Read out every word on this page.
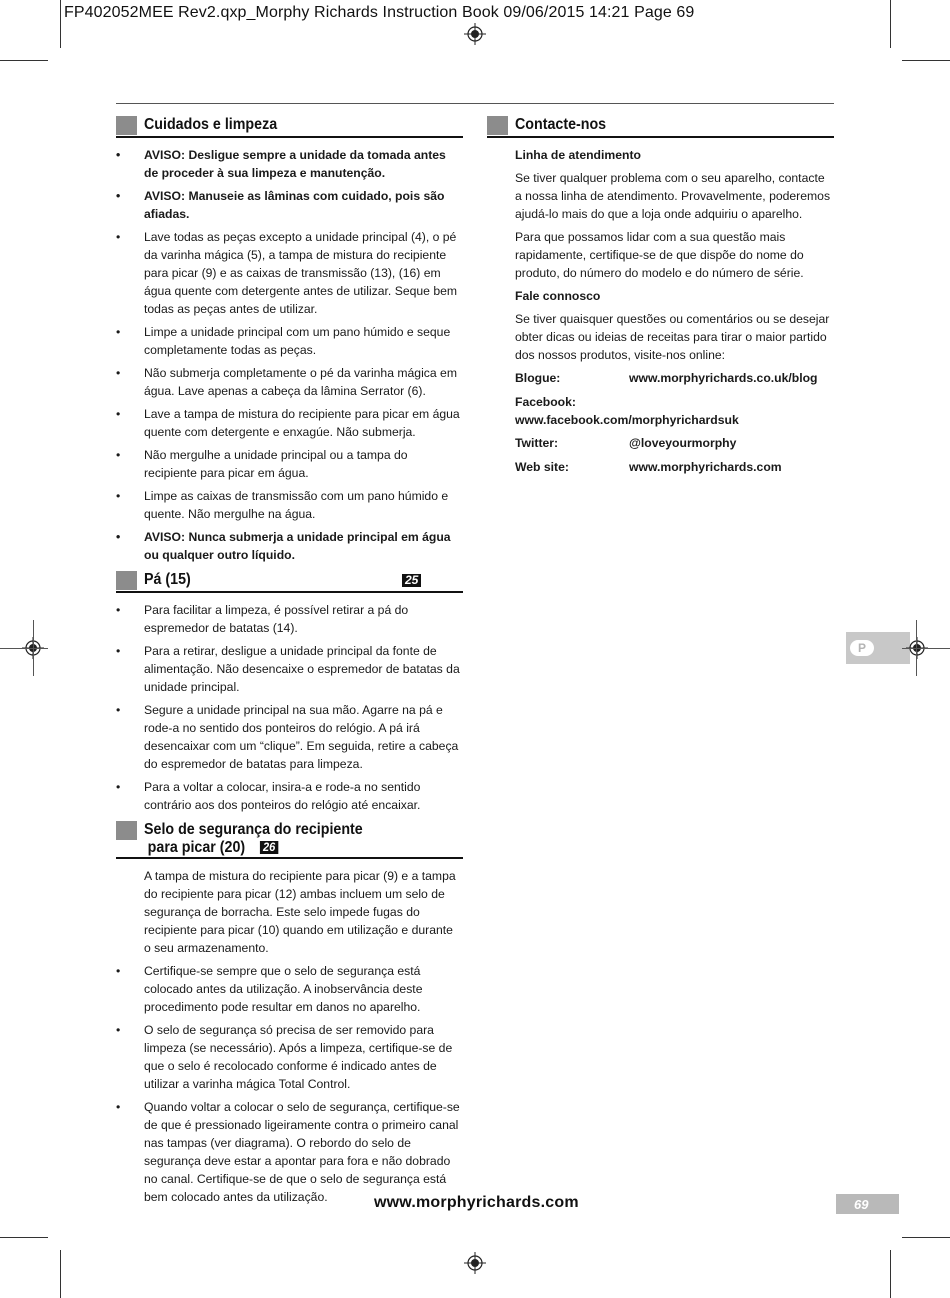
FP402052MEE Rev2.qxp_Morphy Richards Instruction Book 09/06/2015 14:21 Page 69
P
Cuidados e limpeza
• AVISO: Desligue sempre a unidade da tomada antes de proceder à sua limpeza e manutenção.
• AVISO: Manuseie as lâminas com cuidado, pois são afiadas.
• Lave todas as peças excepto a unidade principal (4), o pé da varinha mágica (5), a tampa de mistura do recipiente para picar (9) e as caixas de transmissão (13), (16) em água quente com detergente antes de utilizar. Seque bem todas as peças antes de utilizar.
• Limpe a unidade principal com um pano húmido e seque completamente todas as peças.
• Não submerja completamente o pé da varinha mágica em água. Lave apenas a cabeça da lâmina Serrator (6).
• Lave a tampa de mistura do recipiente para picar em água quente com detergente e enxagúe. Não submerja.
• Não mergulhe a unidade principal ou a tampa do recipiente para picar em água.
• Limpe as caixas de transmissão com um pano húmido e quente. Não mergulhe na água.
• AVISO: Nunca submerja a unidade principal em água ou qualquer outro líquido.
Pá (15)	25
• Para facilitar a limpeza, é possível retirar a pá do espremedor de batatas (14).
• Para a retirar, desligue a unidade principal da fonte de alimentação. Não desencaixe o espremedor de batatas da unidade principal.
• Segure a unidade principal na sua mão. Agarre na pá e rode-a no sentido dos ponteiros do relógio. A pá irá desencaixar com um “clique”. Em seguida, retire a cabeça do espremedor de batatas para limpeza.
• Para a voltar a colocar, insira-a e rode-a no sentido contrário aos dos ponteiros do relógio até encaixar.
Selo de segurança do recipiente
para picar (20) 26
A tampa de mistura do recipiente para picar (9) e a tampa do recipiente para picar (12) ambas incluem um selo de segurança de borracha. Este selo impede fugas do recipiente para picar (10) quando em utilização e durante o seu armazenamento.
• Certifique-se sempre que o selo de segurança está colocado antes da utilização. A inobservância deste procedimento pode resultar em danos no aparelho.
• O selo de segurança só precisa de ser removido para limpeza (se necessário). Após a limpeza, certifique-se de que o selo é recolocado conforme é indicado antes de utilizar a varinha mágica Total Control.
• Quando voltar a colocar o selo de segurança, certifique-se de que é pressionado ligeiramente contra o primeiro canal nas tampas (ver diagrama). O rebordo do selo de segurança deve estar a apontar para fora e não dobrado no canal. Certifique-se de que o selo de segurança está bem colocado antes da utilização.
Contacte-nos
Linha de atendimento
Se tiver qualquer problema com o seu aparelho, contacte a nossa linha de atendimento. Provavelmente, poderemos ajudá-lo mais do que a loja onde adquiriu o aparelho.
Para que possamos lidar com a sua questão mais rapidamente, certifique-se de que dispõe do nome do produto, do número do modelo e do número de série.
Fale connosco
Se tiver quaisquer questões ou comentários ou se desejar obter dicas ou ideias de receitas para tirar o maior partido dos nossos produtos, visite-nos online:
Blogue:	www.morphyrichards.co.uk/blog
Facebook:www.facebook.com/morphyrichardsuk
Twitter:	@loveyourmorphy
Web site:	www.morphyrichards.com
www.morphyrichards.com	69
